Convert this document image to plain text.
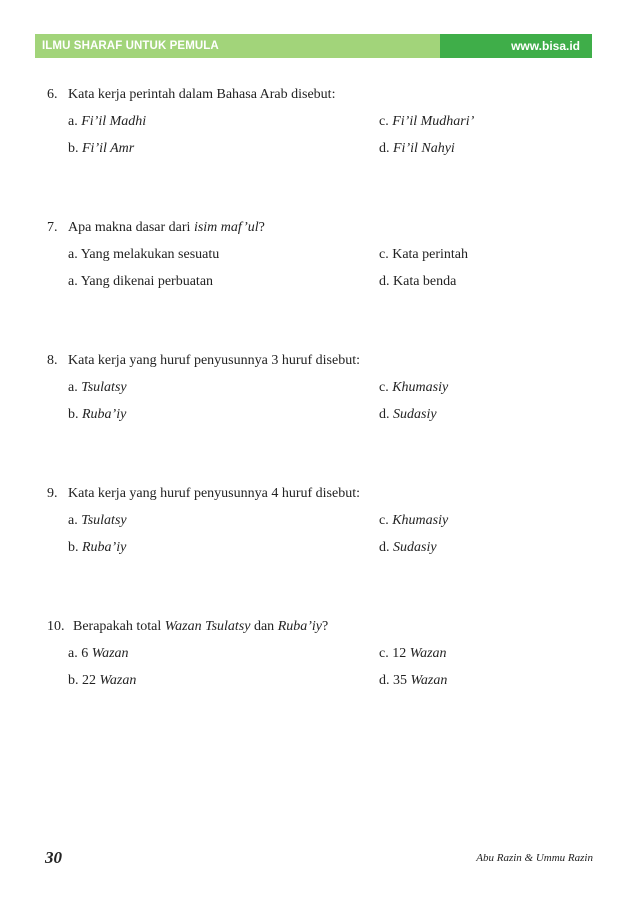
ILMU SHARAF UNTUK PEMULA	www.bisa.id
6. Kata kerja perintah dalam Bahasa Arab disebut:
a. Fi’il Madhi	c. Fi’il Mudhari’
b. Fi’il Amr	d. Fi’il Nahyi
7. Apa makna dasar dari isim maf’ul?
a. Yang melakukan sesuatu	c. Kata perintah
a. Yang dikenai perbuatan	d. Kata benda
8. Kata kerja yang huruf penyusunnya 3 huruf disebut:
a. Tsulatsy	c. Khumasiy
b. Ruba’iy	d. Sudasiy
9. Kata kerja yang huruf penyusunnya 4 huruf disebut:
a. Tsulatsy	c. Khumasiy
b. Ruba’iy	d. Sudasiy
10. Berapakah total Wazan Tsulatsy dan Ruba’iy?
a. 6 Wazan	c. 12 Wazan
b. 22 Wazan	d. 35 Wazan
30	Abu Razin & Ummu Razin
